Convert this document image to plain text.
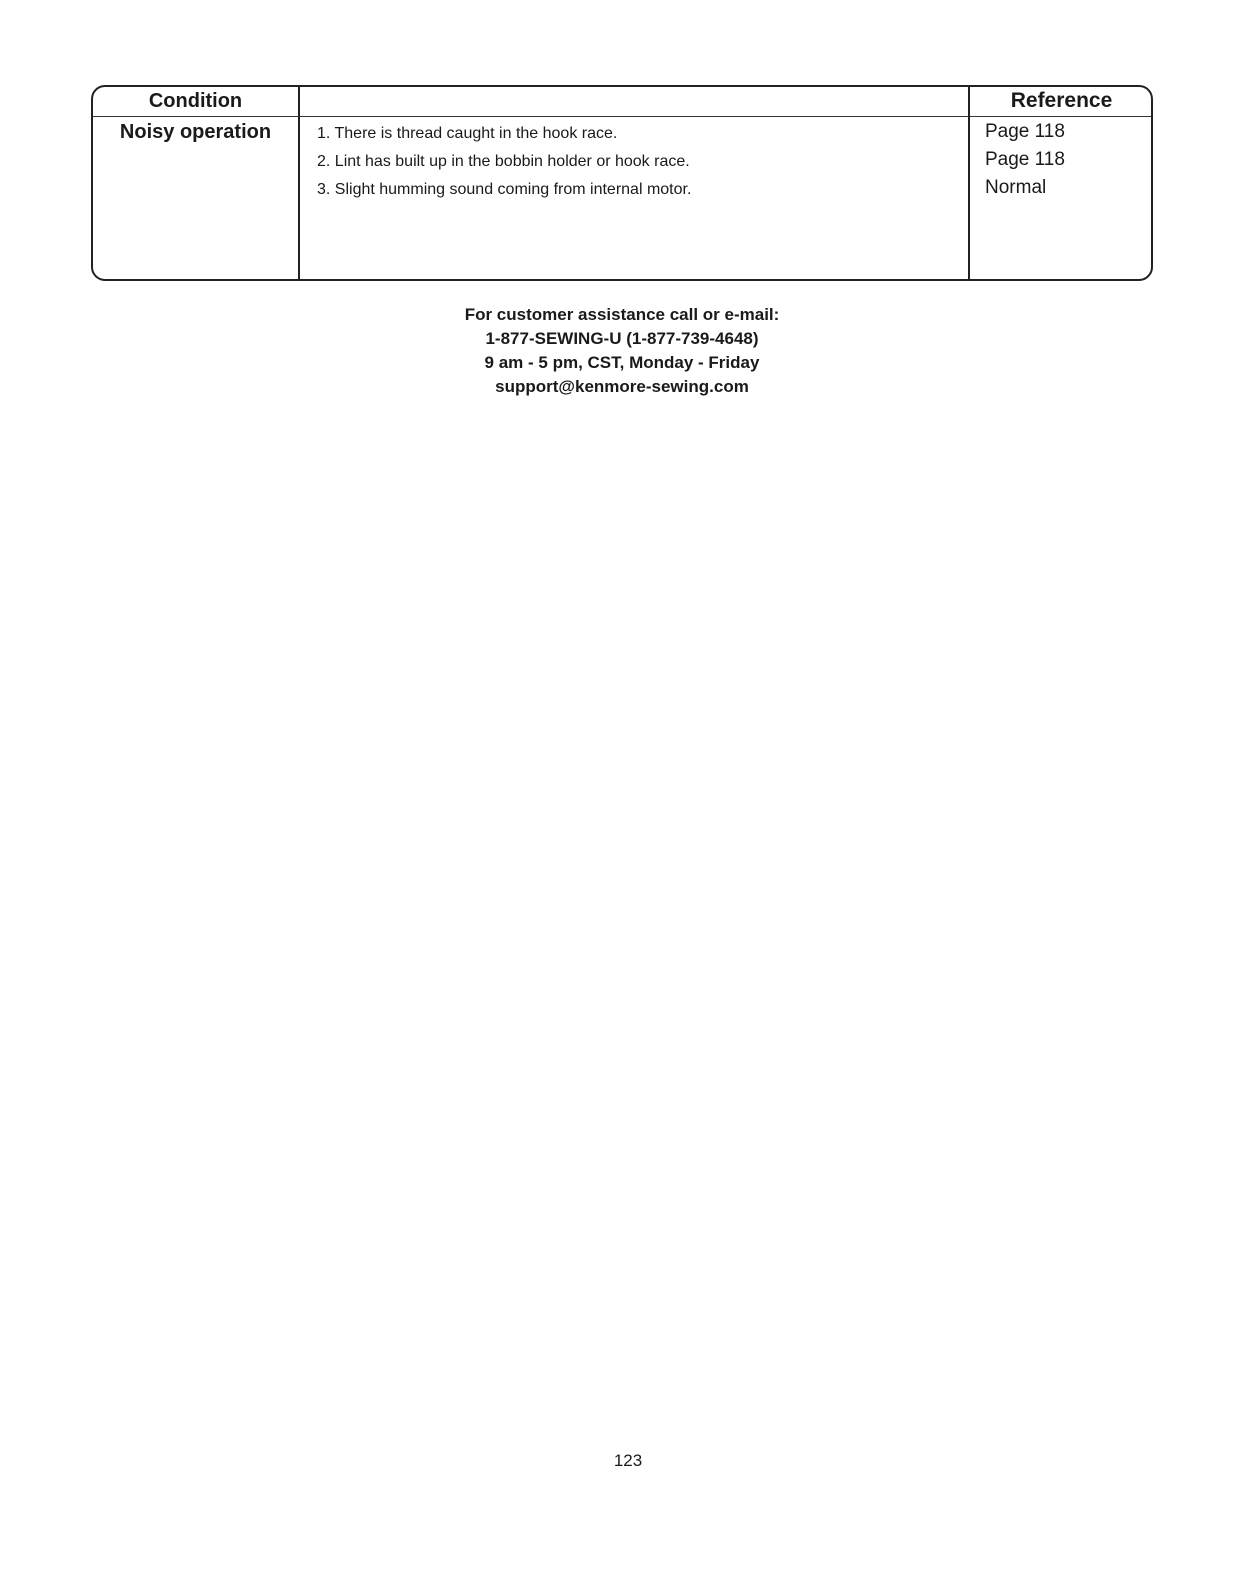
Condition	Reference
Noisy operation	1. There is thread caught in the hook race.
2. Lint has built up in the bobbin holder or hook race.
3. Slight humming sound coming from internal motor.
Page 118
Page 118
Normal
For customer assistance call or e-mail:
1-877-SEWING-U (1-877-739-4648)
9 am - 5 pm, CST, Monday - Friday
support@kenmore-sewing.com
123
